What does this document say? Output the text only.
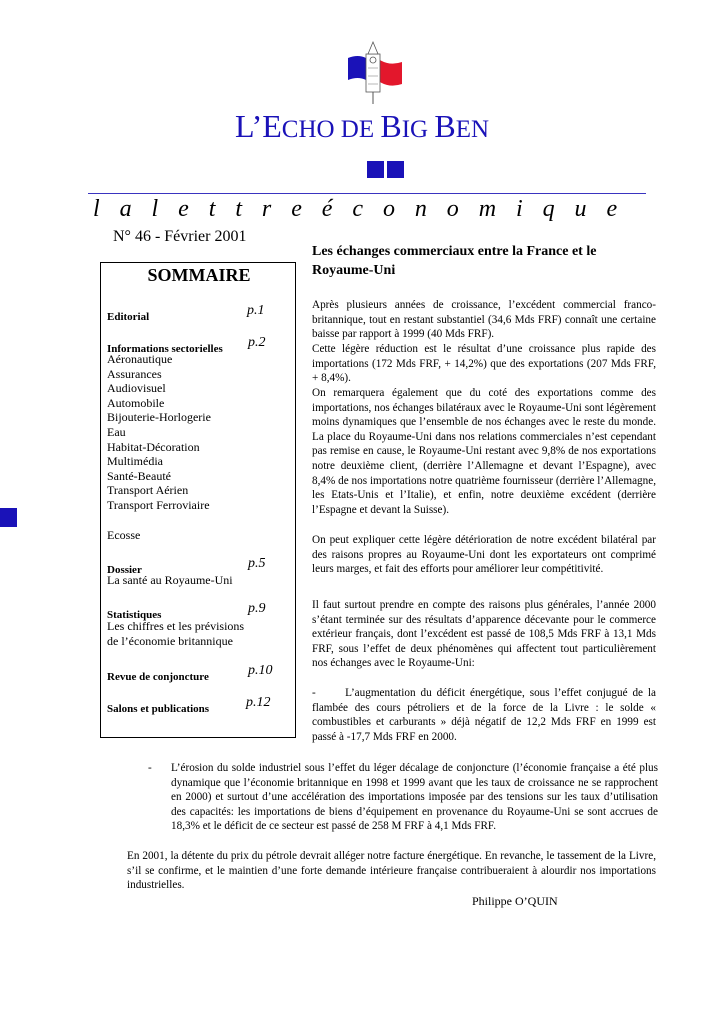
L’ECHO DE BIG BEN
l a l e t t r e é c o n o m i q u e
N° 46 - Février 2001
SOMMAIRE
Editorial	p.1
Informations sectorielles p.2
Aéronautique
Assurances
Audiovisuel
Automobile
Bijouterie-Horlogerie
Eau
Habitat-Décoration
Multimédia
Santé-Beauté
Transport Aérien
Transport Ferroviaire
Ecosse
Dossier	p.5
La santé au Royaume-Uni
Statistiques	p.9
Les chiffres et les prévisions
de l’économie britannique
Revue de conjoncture	p.10
Salons et publications	p.12
Les échanges commerciaux entre la France et le Royaume-Uni
Après plusieurs années de croissance, l’excédent commercial franco-britannique, tout en restant substantiel (34,6 Mds FRF) connaît une certaine baisse par rapport à 1999 (40 Mds FRF).
Cette légère réduction est le résultat d’une croissance plus rapide des importations (172 Mds FRF, + 14,2%) que des exportations (207 Mds FRF, + 8,4%).
On remarquera également que du coté des exportations comme des importations, nos échanges bilatéraux avec le Royaume-Uni sont légèrement moins dynamiques que l’ensemble de nos échanges avec le reste du monde. La place du Royaume-Uni dans nos relations commerciales n’est cependant pas remise en cause, le Royaume-Uni restant avec 9,8% de nos exportations notre deuxième client, (derrière l’Allemagne et devant l’Espagne), avec 8,4% de nos importations notre quatrième fournisseur (derrière l’Allemagne, les Etats-Unis et l’Italie), et enfin, notre deuxième excédent (derrière l’Espagne et devant la Suisse).
On peut expliquer cette légère détérioration de notre excédent bilatéral par des raisons propres au Royaume-Uni dont les exportateurs ont comprimé leurs marges, et fait des efforts pour améliorer leur compétitivité.
Il faut surtout prendre en compte des raisons plus générales, l’année 2000 s’étant terminée sur des résultats d’apparence décevante pour le commerce extérieur français, dont l’excédent est passé de 108,5 Mds FRF à 13,1 Mds FRF, sous l’effet de deux phénomènes qui affectent tout particulièrement nos échanges avec le Royaume-Uni:
-      L’augmentation du déficit énergétique, sous l’effet conjugué de la flambée des cours pétroliers et de la force de la Livre : le solde « combustibles et carburants » déjà négatif de 12,2 Mds FRF en 1999 est passé à -17,7 Mds FRF en 2000.
- L’érosion du solde industriel sous l’effet du léger décalage de conjoncture (l’économie française a été plus dynamique que l’économie britannique en 1998 et 1999 avant que les taux de croissance ne se rapprochent en 2000) et surtout d’une accélération des importations imposée par des tensions sur les taux d’utilisation des capacités: les importations de biens d’équipement en provenance du Royaume-Uni se sont accrues de 18,3% et le déficit de ce secteur est passé de 258 M FRF à 4,1 Mds FRF.
En 2001, la détente du prix du pétrole devrait alléger notre facture énergétique. En revanche, le tassement de la Livre, s’il se confirme, et le maintien d’une forte demande intérieure française contribueraient à alourdir nos importations industrielles.
Philippe O’QUIN
